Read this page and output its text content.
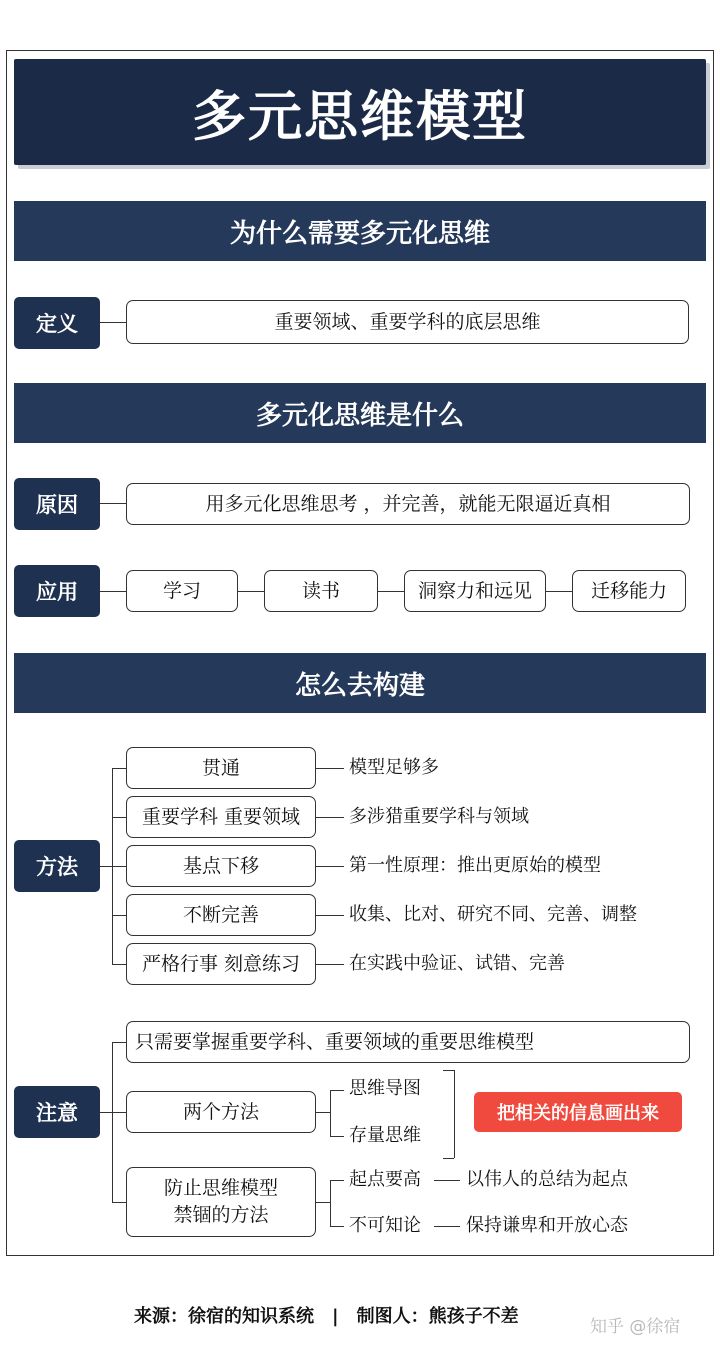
多元思维模型
为什么需要多元化思维
定义	重要领域、重要学科的底层思维
多元化思维是什么
原因	用多元化思维思考 ，并完善，就能无限逼近真相
应用	学习	读书	洞察力和远见	迁移能力
怎么去构建
方法
贯通	模型足够多
重要学科 重要领域	多涉猎重要学科与领域
基点下移	第一性原理：推出更原始的模型
不断完善	收集、比对、研究不同、完善、调整
严格行事 刻意练习	在实践中验证、试错、完善
注意
只需要掌握重要学科、重要领域的重要思维模型
两个方法
思维导图
存量思维
把相关的信息画出来
防止思维模型
禁锢的方法
起点要高	以伟人的总结为起点
不可知论	保持谦卑和开放心态
来源：徐宿的知识系统　|　制图人：熊孩子不差	知乎 @徐宿
